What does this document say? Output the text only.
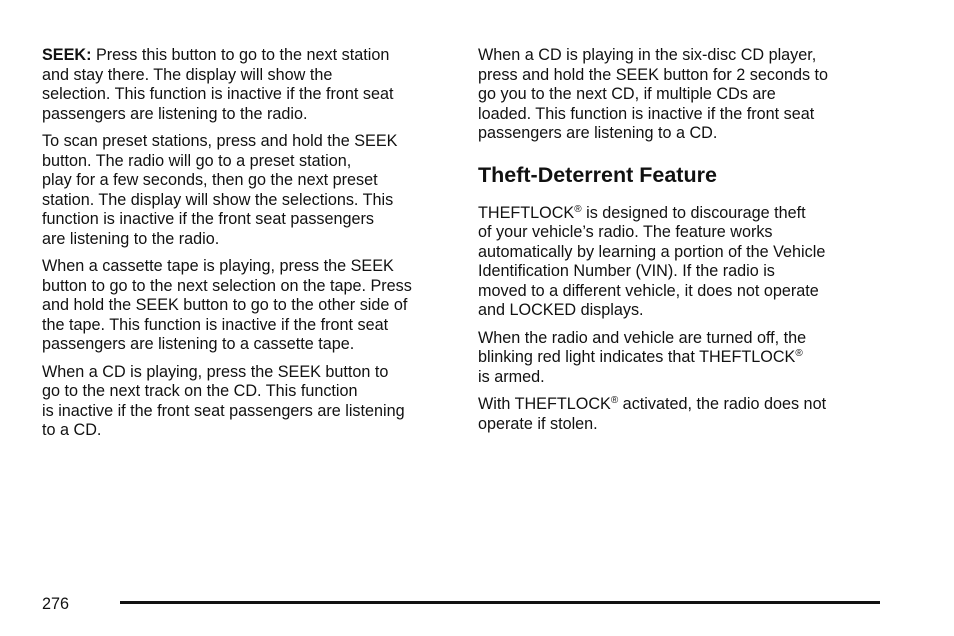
SEEK: Press this button to go to the next station
and stay there. The display will show the
selection. This function is inactive if the front seat
passengers are listening to the radio.

To scan preset stations, press and hold the SEEK
button. The radio will go to a preset station,
play for a few seconds, then go the next preset
station. The display will show the selections. This
function is inactive if the front seat passengers
are listening to the radio.

When a cassette tape is playing, press the SEEK
button to go to the next selection on the tape. Press
and hold the SEEK button to go to the other side of
the tape. This function is inactive if the front seat
passengers are listening to a cassette tape.

When a CD is playing, press the SEEK button to
go to the next track on the CD. This function
is inactive if the front seat passengers are listening
to a CD.

When a CD is playing in the six-disc CD player,
press and hold the SEEK button for 2 seconds to
go you to the next CD, if multiple CDs are
loaded. This function is inactive if the front seat
passengers are listening to a CD.

Theft-Deterrent Feature

THEFTLOCK® is designed to discourage theft
of your vehicle’s radio. The feature works
automatically by learning a portion of the Vehicle
Identification Number (VIN). If the radio is
moved to a different vehicle, it does not operate
and LOCKED displays.

When the radio and vehicle are turned off, the
blinking red light indicates that THEFTLOCK®
is armed.

With THEFTLOCK® activated, the radio does not
operate if stolen.

276
